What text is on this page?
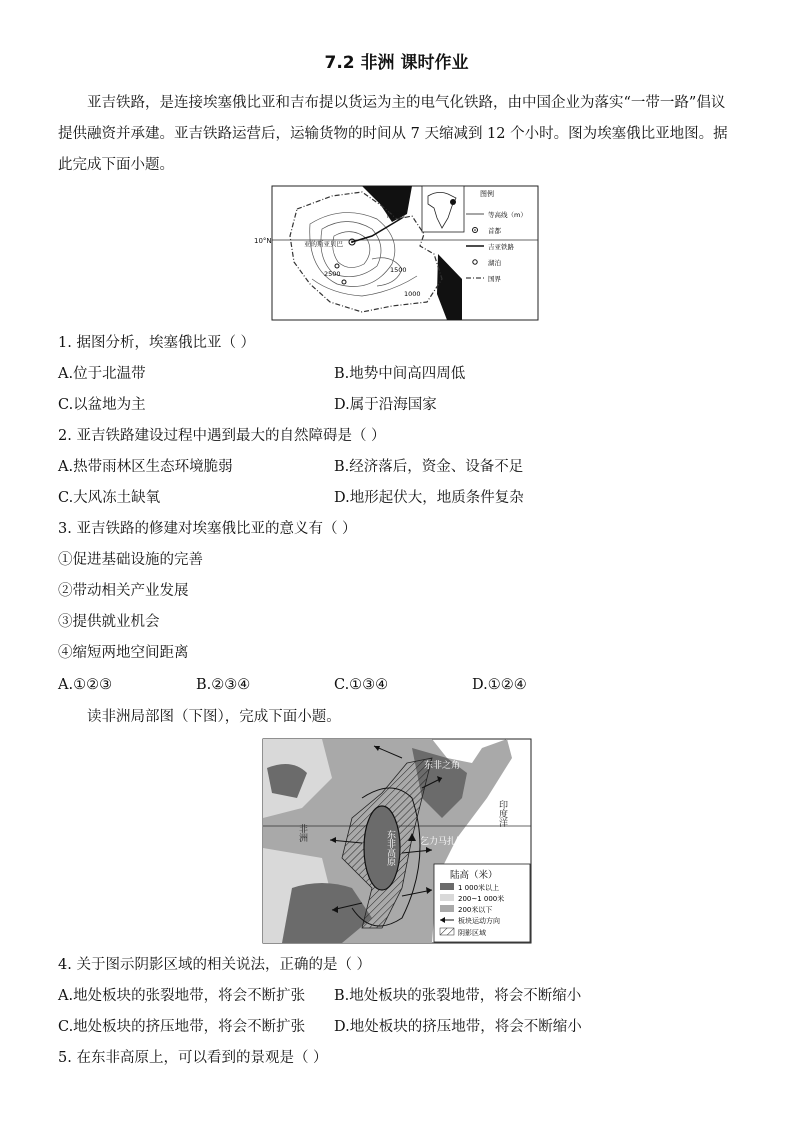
7.2 非洲 课时作业

亚吉铁路，是连接埃塞俄比亚和吉布提以货运为主的电气化铁路，由中国企业为落实“一带一路”倡议提供融资并承建。亚吉铁路运营后，运输货物的时间从 7 天缩减到 12 个小时。图为埃塞俄比亚地图。据此完成下面小题。

10°N	亚的斯亚贝巴
吉布提
2500	1500
1000
图例
等高线（m）
首都
吉亚铁路
湖泊
国界
1. 据图分析，埃塞俄比亚（ ）
A.位于北温带	B.地势中间高四周低
C.以盆地为主	D.属于沿海国家
2. 亚吉铁路建设过程中遇到最大的自然障碍是（ ）
A.热带雨林区生态环境脆弱	B.经济落后，资金、设备不足
C.大风冻土缺氧	D.地形起伏大，地质条件复杂
3. 亚吉铁路的修建对埃塞俄比亚的意义有（ ）
①促进基础设施的完善
②带动相关产业发展
③提供就业机会
④缩短两地空间距离
A.①②③	B.②③④	C.①③④	D.①②④

读非洲局部图（下图），完成下面小题。

东非之角
印度洋
非洲	东非高原	乞力马扎罗山
陆高（米）
1 000米以上
200~1 000米
200米以下
板块运动方向
阴影区域
4. 关于图示阴影区域的相关说法，正确的是（ ）
A.地处板块的张裂地带，将会不断扩张 B.地处板块的张裂地带，将会不断缩小
C.地处板块的挤压地带，将会不断扩张 D.地处板块的挤压地带，将会不断缩小
5. 在东非高原上，可以看到的景观是（ ）
